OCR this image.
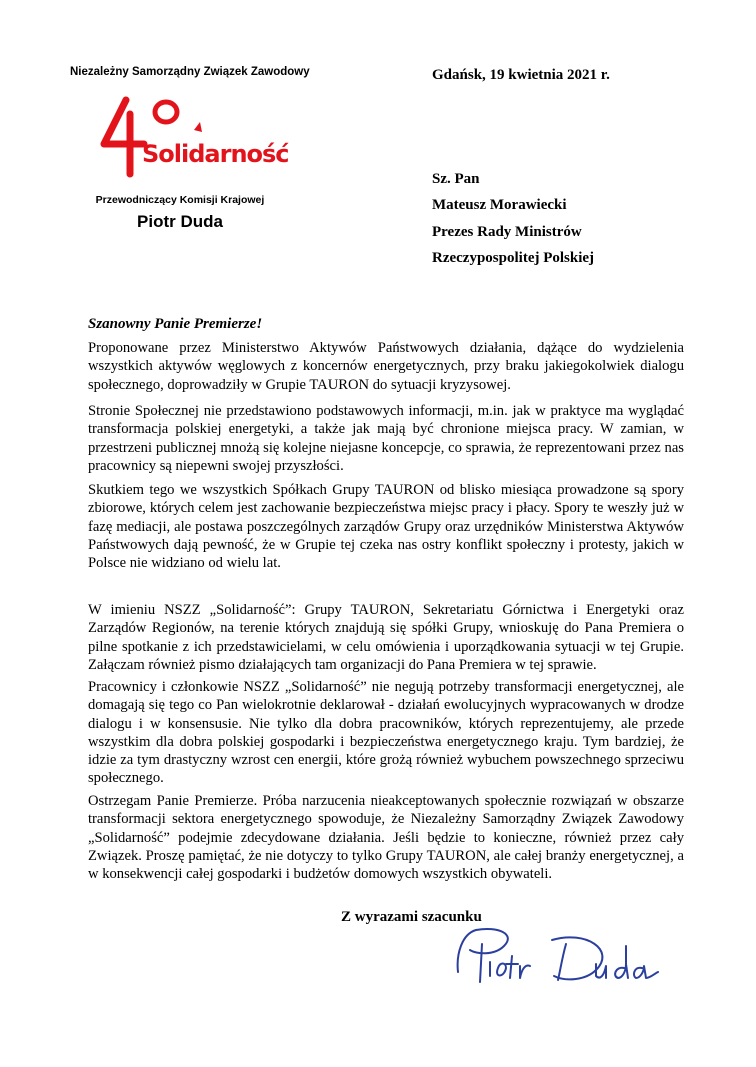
Niezależny Samorządny Związek Zawodowy
Solidarność
Przewodniczący Komisji Krajowej
Piotr Duda
Gdańsk, 19 kwietnia 2021 r.
Sz. Pan
Mateusz Morawiecki
Prezes Rady Ministrów
Rzeczypospolitej Polskiej
Szanowny Panie Premierze!
Proponowane przez Ministerstwo Aktywów Państwowych działania, dążące do wydzielenia wszystkich aktywów węglowych z koncernów energetycznych, przy braku jakiegokolwiek dialogu społecznego, doprowadziły w Grupie TAURON do sytuacji kryzysowej.
Stronie Społecznej nie przedstawiono podstawowych informacji, m.in. jak w praktyce ma wyglądać transformacja polskiej energetyki, a także jak mają być chronione miejsca pracy. W zamian, w przestrzeni publicznej mnożą się kolejne niejasne koncepcje, co sprawia, że reprezentowani przez nas pracownicy są niepewni swojej przyszłości.
Skutkiem tego we wszystkich Spółkach Grupy TAURON od blisko miesiąca prowadzone są spory zbiorowe, których celem jest zachowanie bezpieczeństwa miejsc pracy i płacy. Spory te weszły już w fazę mediacji, ale postawa poszczególnych zarządów Grupy oraz urzędników Ministerstwa Aktywów Państwowych dają pewność, że w Grupie tej czeka nas ostry konflikt społeczny i protesty, jakich w Polsce nie widziano od wielu lat.
W imieniu NSZZ „Solidarność”: Grupy TAURON, Sekretariatu Górnictwa i Energetyki oraz Zarządów Regionów, na terenie których znajdują się spółki Grupy, wnioskuję do Pana Premiera o pilne spotkanie z ich przedstawicielami, w celu omówienia i uporządkowania sytuacji w tej Grupie. Załączam również pismo działających tam organizacji do Pana Premiera w tej sprawie.
Pracownicy i członkowie NSZZ „Solidarność” nie negują potrzeby transformacji energetycznej, ale domagają się tego co Pan wielokrotnie deklarował - działań ewolucyjnych wypracowanych w drodze dialogu i w konsensusie. Nie tylko dla dobra pracowników, których reprezentujemy, ale przede wszystkim dla dobra polskiej gospodarki i bezpieczeństwa energetycznego kraju. Tym bardziej, że idzie za tym drastyczny wzrost cen energii, które grożą również wybuchem powszechnego sprzeciwu społecznego.
Ostrzegam Panie Premierze. Próba narzucenia nieakceptowanych społecznie rozwiązań w obszarze transformacji sektora energetycznego spowoduje, że Niezależny Samorządny Związek Zawodowy „Solidarność” podejmie zdecydowane działania. Jeśli będzie to konieczne, również przez cały Związek. Proszę pamiętać, że nie dotyczy to tylko Grupy TAURON, ale całej branży energetycznej, a w konsekwencji całej gospodarki i budżetów domowych wszystkich obywateli.
Z wyrazami szacunku
